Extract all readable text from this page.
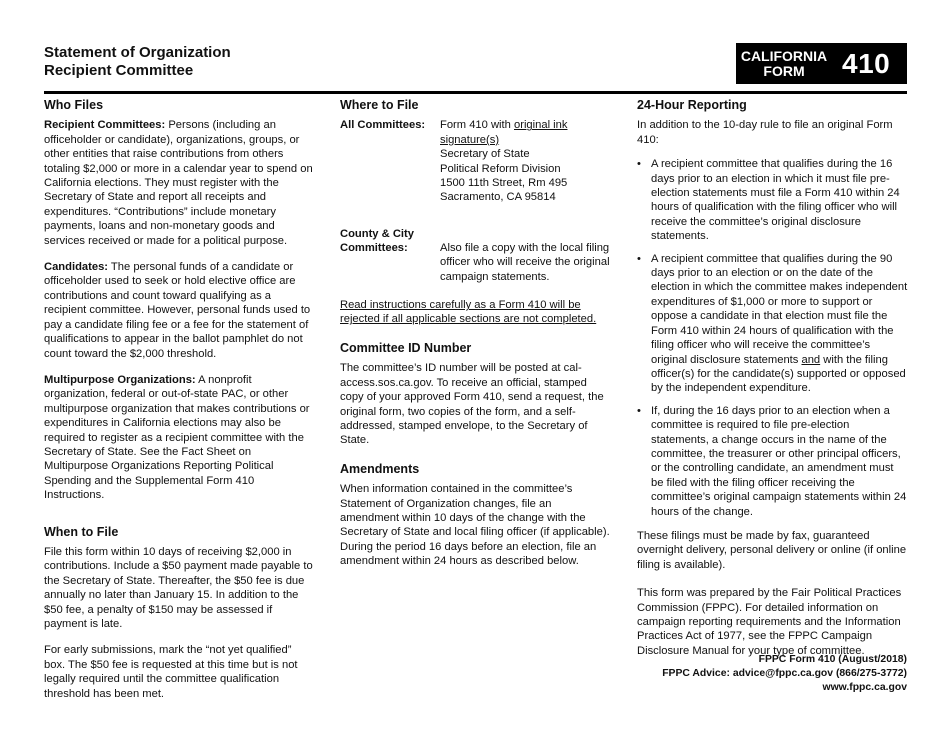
Statement of Organization
Recipient Committee
CALIFORNIA
FORM	410
Who Files

Recipient Committees: Persons (including an officeholder or candidate), organizations, groups, or other entities that raise contributions from others totaling $2,000 or more in a calendar year to spend on California elections. They must register with the Secretary of State and report all receipts and expenditures. “Contributions” include monetary payments, loans and non-monetary goods and services received or made for a political purpose.

Candidates: The personal funds of a candidate or officeholder used to seek or hold elective office are contributions and count toward qualifying as a recipient committee. However, personal funds used to pay a candidate filing fee or a fee for the statement of qualifications to appear in the ballot pamphlet do not count toward the $2,000 threshold.

Multipurpose Organizations: A nonprofit organization, federal or out-of-state PAC, or other multipurpose organization that makes contributions or expenditures in California elections may also be required to register as a recipient committee with the Secretary of State. See the Fact Sheet on Multipurpose Organizations Reporting Political Spending and the Supplemental Form 410 Instructions.

When to File

File this form within 10 days of receiving $2,000 in contributions. Include a $50 payment made payable to the Secretary of State. Thereafter, the $50 fee is due annually no later than January 15. In addition to the $50 fee, a penalty of $150 may be assessed if payment is late.

For early submissions, mark the “not yet qualified” box. The $50 fee is requested at this time but is not legally required until the committee qualification threshold has been met.

Where to File
All Committees:	Form 410 with original ink signature(s)
Secretary of State
Political Reform Division
1500 11th Street, Rm 495
Sacramento, CA 95814
County & City Committees:	Also file a copy with the local filing officer who will receive the original campaign statements.

Read instructions carefully as a Form 410 will be rejected if all applicable sections are not completed.

Committee ID Number

The committee’s ID number will be posted at cal-access.sos.ca.gov. To receive an official, stamped copy of your approved Form 410, send a request, the original form, two copies of the form, and a self-addressed, stamped envelope, to the Secretary of State.

Amendments

When information contained in the committee’s Statement of Organization changes, file an amendment within 10 days of the change with the Secretary of State and local filing officer (if applicable). During the period 16 days before an election, file an amendment within 24 hours as described below.

24-Hour Reporting

In addition to the 10-day rule to file an original Form 410:

• A recipient committee that qualifies during the 16 days prior to an election in which it must file pre-election statements must file a Form 410 within 24 hours of qualification with the filing officer who will receive the committee’s original disclosure statements.
• A recipient committee that qualifies during the 90 days prior to an election or on the date of the election in which the committee makes independent expenditures of $1,000 or more to support or oppose a candidate in that election must file the Form 410 within 24 hours of qualification with the filing officer who will receive the committee’s original disclosure statements and with the filing officer(s) for the candidate(s) supported or opposed by the independent expenditure.
• If, during the 16 days prior to an election when a committee is required to file pre-election statements, a change occurs in the name of the committee, the treasurer or other principal officers, or the controlling candidate, an amendment must be filed with the filing officer receiving the committee’s original campaign statements within 24 hours of the change.

These filings must be made by fax, guaranteed overnight delivery, personal delivery or online (if online filing is available).

This form was prepared by the Fair Political Practices Commission (FPPC). For detailed information on campaign reporting requirements and the Information Practices Act of 1977, see the FPPC Campaign Disclosure Manual for your type of committee.

FPPC Form 410 (August/2018)
FPPC Advice: advice@fppc.ca.gov (866/275-3772)
www.fppc.ca.gov
